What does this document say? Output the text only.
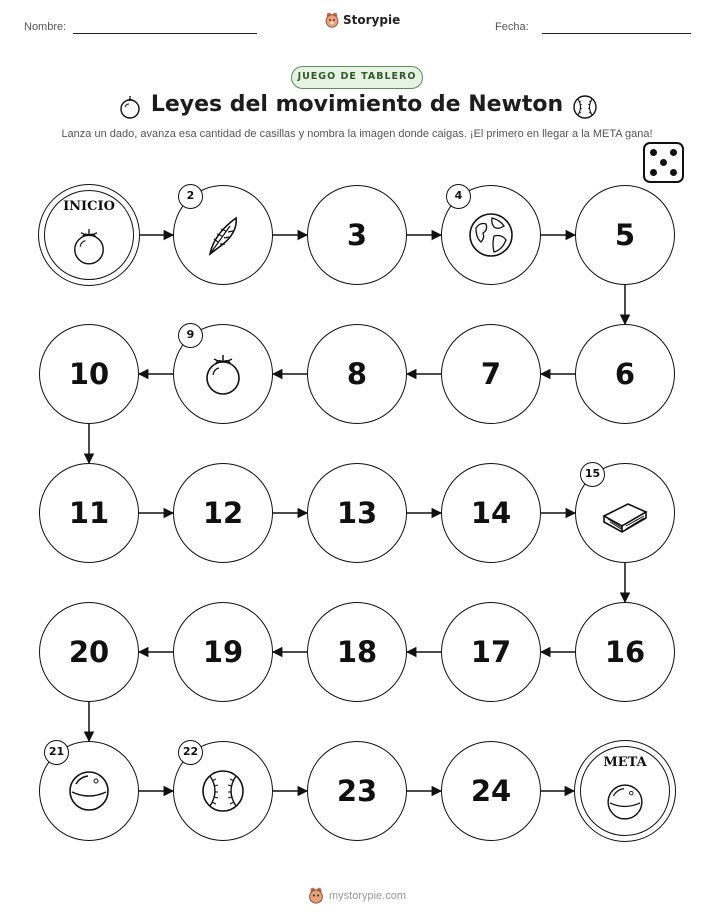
Nombre:	Storypie	Fecha:
JUEGO DE TABLERO
Leyes del movimiento de Newton
Lanza un dado, avanza esa cantidad de casillas y nombra la imagen donde caigas. ¡El primero en llegar a la META gana!
INICIO
2
3
4
5
6
7
8
9
10
11	12	13	14
15
16
17
18
19
20
21	22
23	24
META
mystorypie.com
